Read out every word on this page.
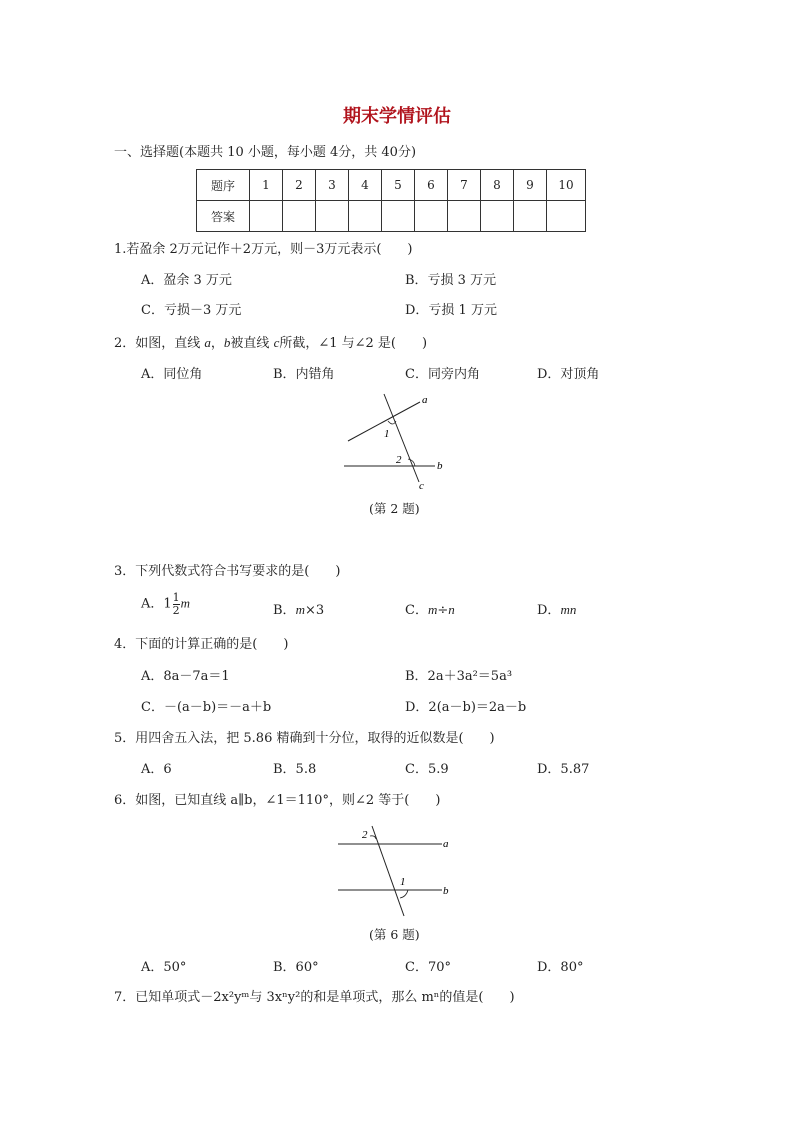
期末学情评估
一、选择题(本题共 10 小题，每小题 4分，共 40分)
题序	1	2	3	4	5	6	7	8	9	10
答案										
1.若盈余 2万元记作＋2万元，则－3万元表示(　　)
A．盈余 3 万元	B．亏损 3 万元
C．亏损－3 万元	D．亏损 1 万元
2．如图，直线 a，b被直线 c所截，∠1 与∠2 是(　　)
A．同位角	B．内错角	C．同旁内角	D．对顶角
1
2
a
b
c
(第 2 题)
3．下列代数式符合书写要求的是(　　)
A．$1 \frac{1}{2}$ m	B．m×3	C．m÷n	D．mn
4．下面的计算正确的是(　　)
A．8a－7a＝1	B．2a＋3a²＝5a³
C．－(a－b)＝－a＋b	D．2(a－b)＝2a－b
5．用四舍五入法，把 5.86 精确到十分位，取得的近似数是(　　)
A．6	B．5.8	C．5.9	D．5.87
6．如图，已知直线 a∥b，∠1＝110°，则∠2 等于(　　)
2
1
a
b
(第 6 题)
A．50°	B．60°	C．70°	D．80°
7．已知单项式－2x²yᵐ与 3xⁿy²的和是单项式，那么 mⁿ的值是(　　)
